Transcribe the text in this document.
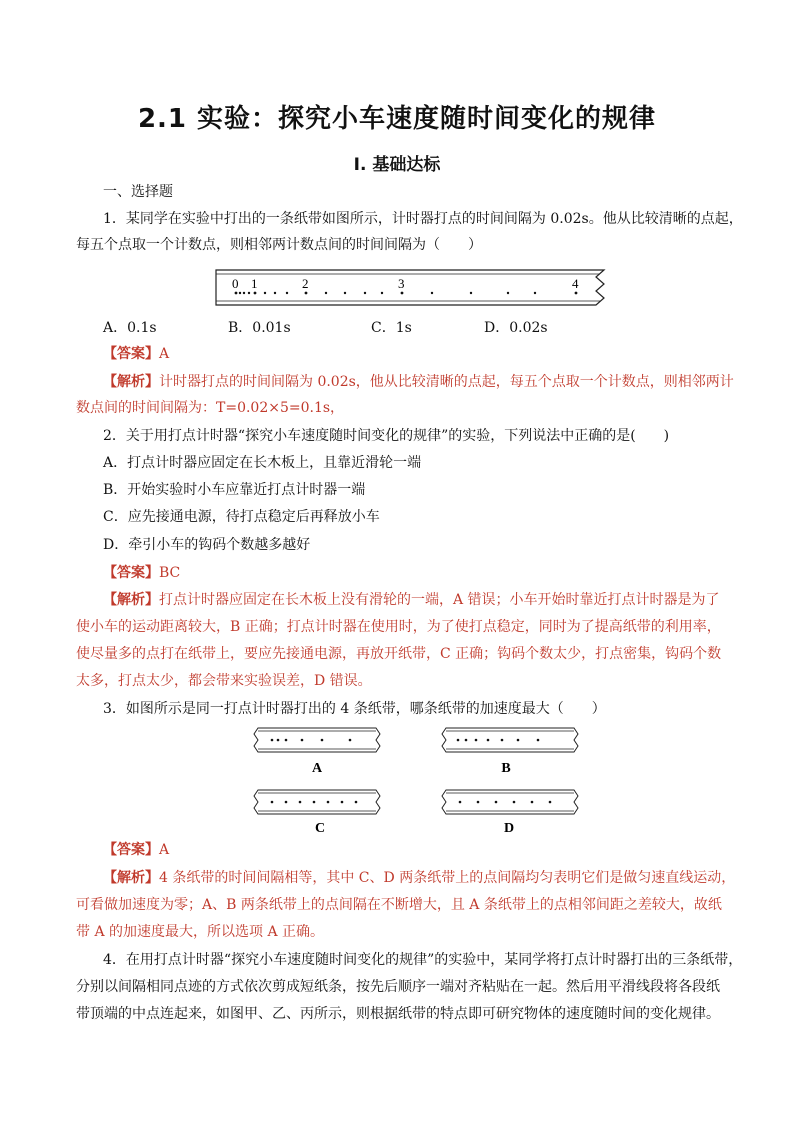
2.1 实验：探究小车速度随时间变化的规律
Ⅰ. 基础达标
一、选择题
1．某同学在实验中打出的一条纸带如图所示，计时器打点的时间间隔为 0.02s。他从比较清晰的点起，
每五个点取一个计数点，则相邻两计数点间的时间间隔为（　　）
0 1	2	3	4
A．0.1s	B．0.01s	C．1s	D．0.02s
【答案】A
【解析】计时器打点的时间间隔为 0.02s，他从比较清晰的点起，每五个点取一个计数点，则相邻两计
数点间的时间间隔为：T=0.02×5=0.1s，
2．关于用打点计时器“探究小车速度随时间变化的规律”的实验，下列说法中正确的是(　　)
A．打点计时器应固定在长木板上，且靠近滑轮一端
B．开始实验时小车应靠近打点计时器一端
C．应先接通电源，待打点稳定后再释放小车
D．牵引小车的钩码个数越多越好
【答案】BC
【解析】打点计时器应固定在长木板上没有滑轮的一端，A 错误；小车开始时靠近打点计时器是为了
使小车的运动距离较大，B 正确；打点计时器在使用时，为了使打点稳定，同时为了提高纸带的利用率，
使尽量多的点打在纸带上，要应先接通电源，再放开纸带，C 正确；钩码个数太少，打点密集，钩码个数
太多，打点太少，都会带来实验误差，D 错误。
3．如图所示是同一打点计时器打出的 4 条纸带，哪条纸带的加速度最大（　　）
A	B
C	D
【答案】A
【解析】4 条纸带的时间间隔相等，其中 C、D 两条纸带上的点间隔均匀表明它们是做匀速直线运动，
可看做加速度为零；A、B 两条纸带上的点间隔在不断增大，且 A 条纸带上的点相邻间距之差较大，故纸
带 A 的加速度最大，所以选项 A 正确。
4．在用打点计时器“探究小车速度随时间变化的规律”的实验中，某同学将打点计时器打出的三条纸带，
分别以间隔相同点迹的方式依次剪成短纸条，按先后顺序一端对齐粘贴在一起。然后用平滑线段将各段纸
带顶端的中点连起来，如图甲、乙、丙所示，则根据纸带的特点即可研究物体的速度随时间的变化规律。
